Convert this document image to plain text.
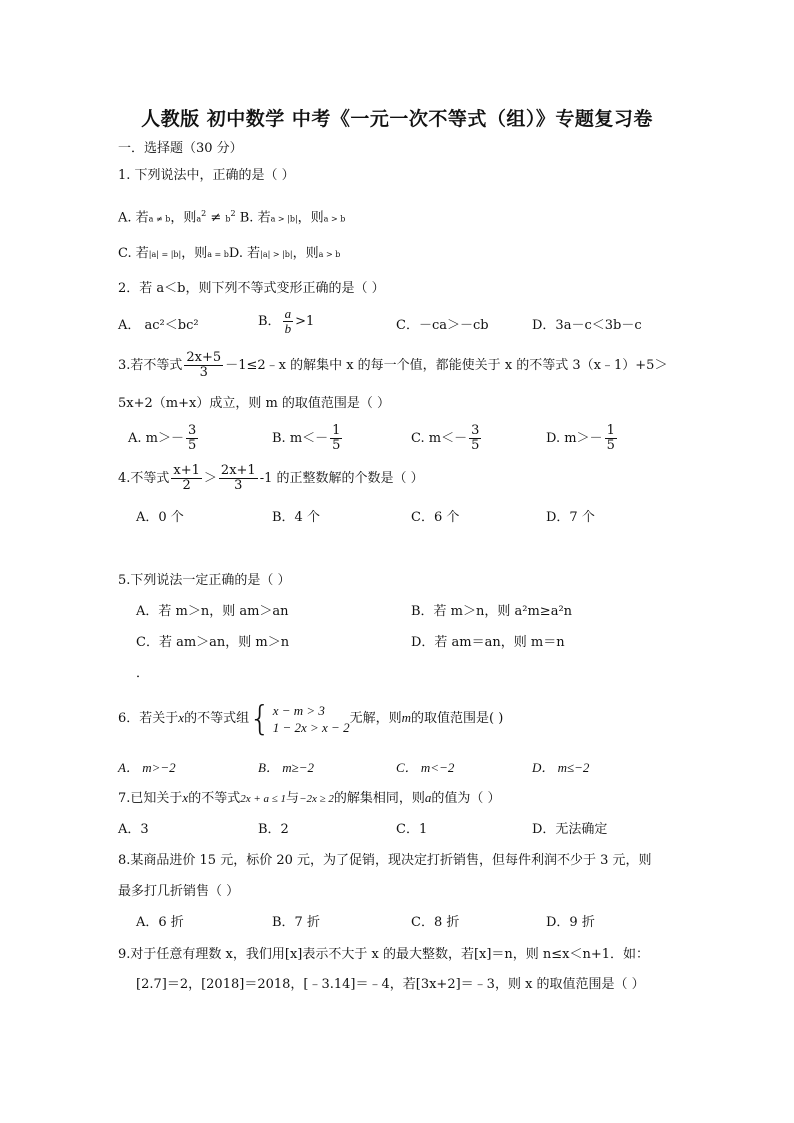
人教版 初中数学 中考《一元一次不等式（组）》专题复习卷
一．选择题（30 分）
1. 下列说法中，正确的是（ ）
A. 若a ≠ b，则$a^2 \ne b^2$ B. 若a > |b|，则a > b
C. 若|a| = |b|，则a = bD. 若|a| > |b|，则a > b
2．若 a＜b，则下列不等式变形正确的是（ ）
A． ac²＜bc²	B． $\frac{a}{b} >1$	C．－ca＞－cb	D．3a－c＜3b－c
3.若不等式 $\frac{2x+5}{3}$ －1≤2﹣x 的解集中 x 的每一个值，都能使关于 x 的不等式 3（x﹣1）+5＞
5x+2（m+x）成立，则 m 的取值范围是（ ）
A. $m>- \frac{3}{5}$	B. $m<- \frac{1}{5}$	C. $m<- \frac{3}{5}$	D. $m>- \frac{1}{5}$
4.不等式 $\frac{x+1}{2} > \frac{2x+1}{3} -1$ 的正整数解的个数是（ ）
A．0 个	B．4 个	C．6 个	D．7 个
5.下列说法一定正确的是（ ）
A．若 m＞n，则 am＞an	B．若 m＞n，则 a²m≥a²n
C．若 am＞an，则 m＞n	D．若 am＝an，则 m＝n
．
6．若关于x的不等式组 { x − m > 3
1 − 2x > x − 2
无解，则m的取值范围是( )
A． m>−2	B． m≥−2	C． m<−2	D． m≤−2
7.已知关于x的不等式2x + a ≤ 1与−2x ≥ 2的解集相同，则a的值为（ ）
A．3	B．2	C．1	D．无法确定
8.某商品进价 15 元，标价 20 元，为了促销，现决定打折销售，但每件利润不少于 3 元，则
最多打几折销售（ ）
A．6 折	B．7 折	C．8 折	D．9 折
9.对于任意有理数 x，我们用[x]表示不大于 x 的最大整数，若[x]＝n，则 n≤x＜n+1．如：
[2.7]＝2，[2018]＝2018，[﹣3.14]＝﹣4，若[3x+2]＝﹣3，则 x 的取值范围是（ ）
